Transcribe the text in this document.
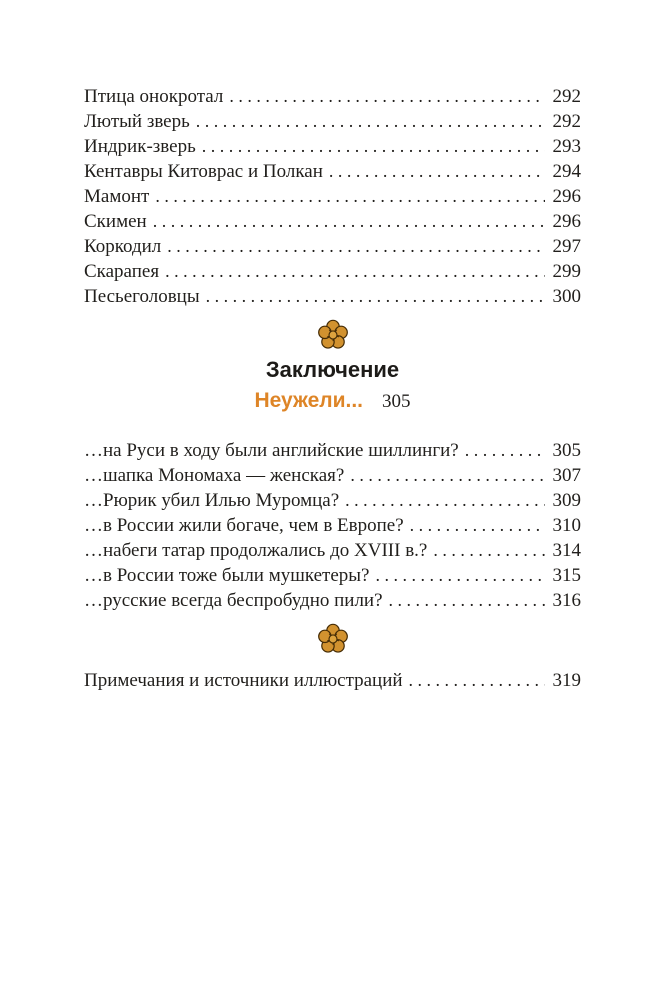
Птица онокротал .....	292
Лютый зверь .....	292
Индрик-зверь .....	293
Кентавры Китоврас и Полкан .....	294
Мамонт .....	296
Скимен .....	296
Коркодил .....	297
Скарапея .....	299
Песьеголовцы .....	300
Заключение
Неужели... 305
…на Руси в ходу были английские шиллинги? .....	305
…шапка Мономаха — женская? .....	307
…Рюрик убил Илью Муромца? .....	309
…в России жили богаче, чем в Европе? .....	310
…набеги татар продолжались до XVIII в.? .....	314
…в России тоже были мушкетеры? .....	315
…русские всегда беспробудно пили? .....	316
Примечания и источники иллюстраций .....	319
